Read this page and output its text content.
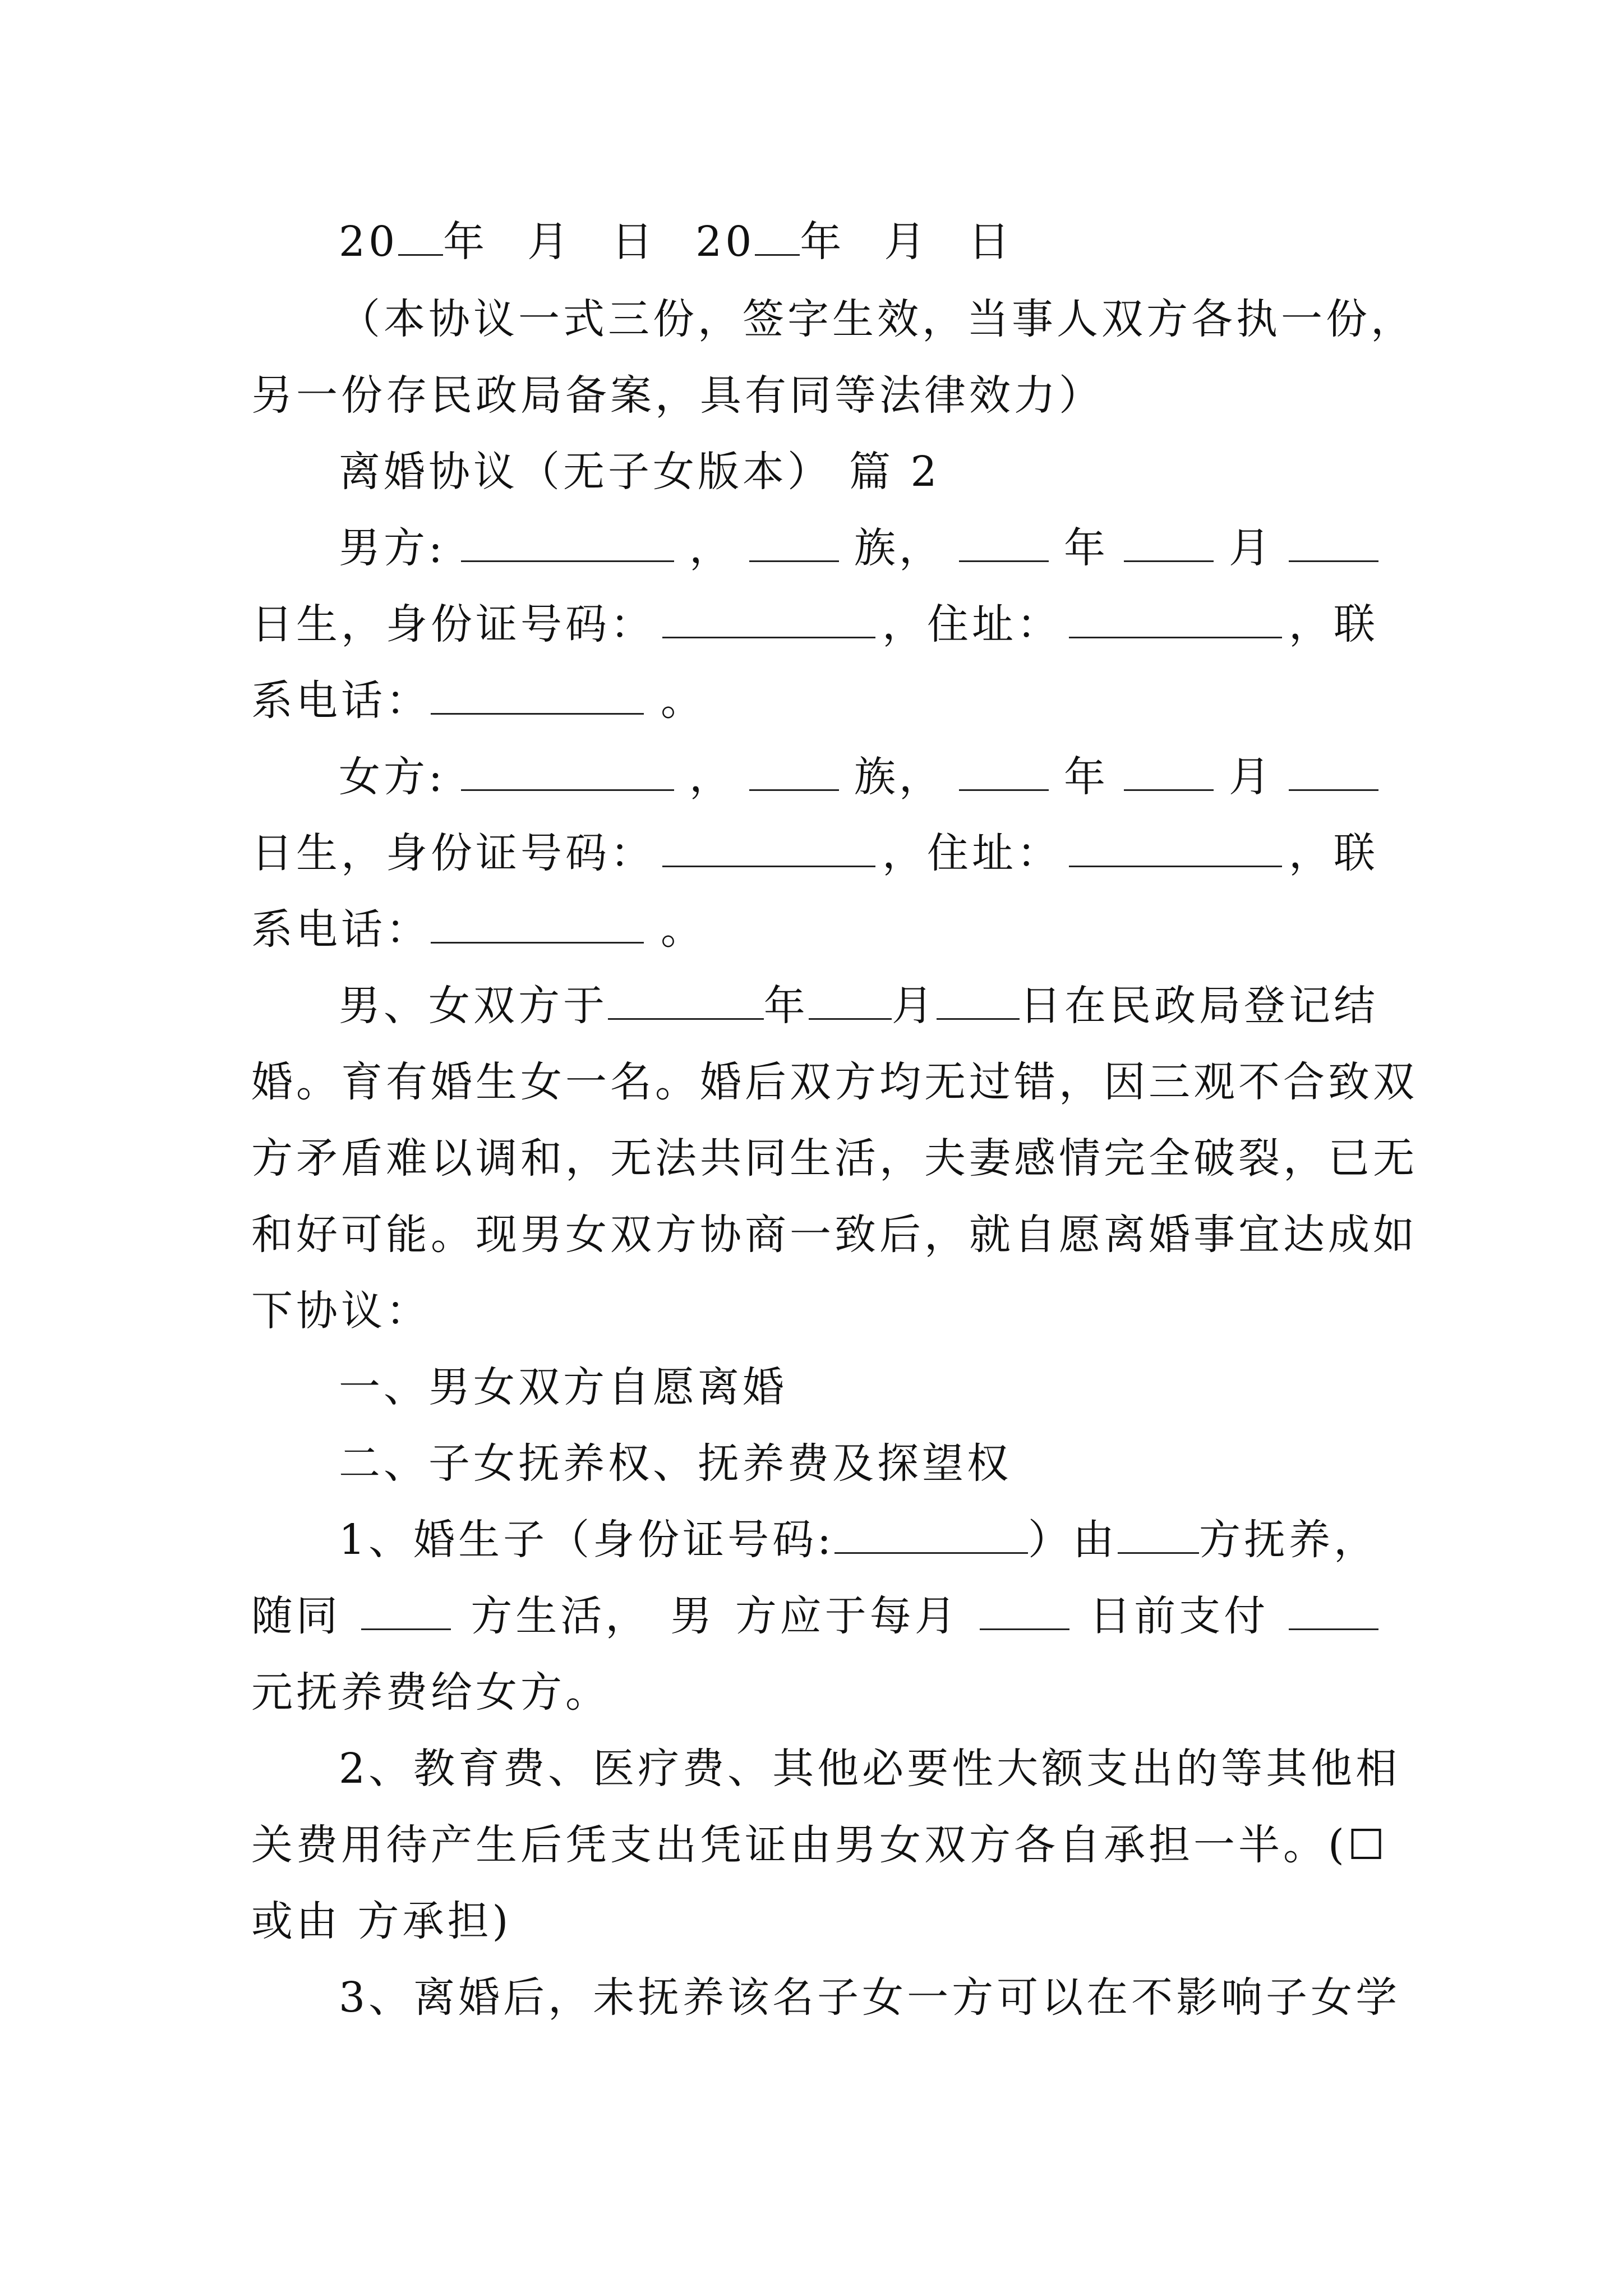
20 年 月 日 20 年 月 日
（本协议一式三份，签字生效，当事人双方各执一份，
另一份存民政局备案，具有同等法律效力）
离婚协议（无子女版本） 篇 2
男方:	，	族，	年	月
日生，身份证号码：	，住址：	，联
系电话：	。
女方:	，	族，	年	月
日生，身份证号码：	，住址：	，联
系电话：	。
男、女双方于	年 月 日在民政局登记结
婚。育有婚生女一名。婚后双方均无过错，因三观不合致双
方矛盾难以调和，无法共同生活，夫妻感情完全破裂，已无
和好可能。现男女双方协商一致后，就自愿离婚事宜达成如
下协议：
一、男女双方自愿离婚
二、子女抚养权、抚养费及探望权
1、婚生子（身份证号码:	）由 方抚养，
随同	方生活， 男 方应于每月	日前支付
元抚养费给女方。
2、教育费、医疗费、其他必要性大额支出的等其他相
关费用待产生后凭支出凭证由男女双方各自承担一半。(☐
或由 方承担)
3、离婚后，未抚养该名子女一方可以在不影响子女学
